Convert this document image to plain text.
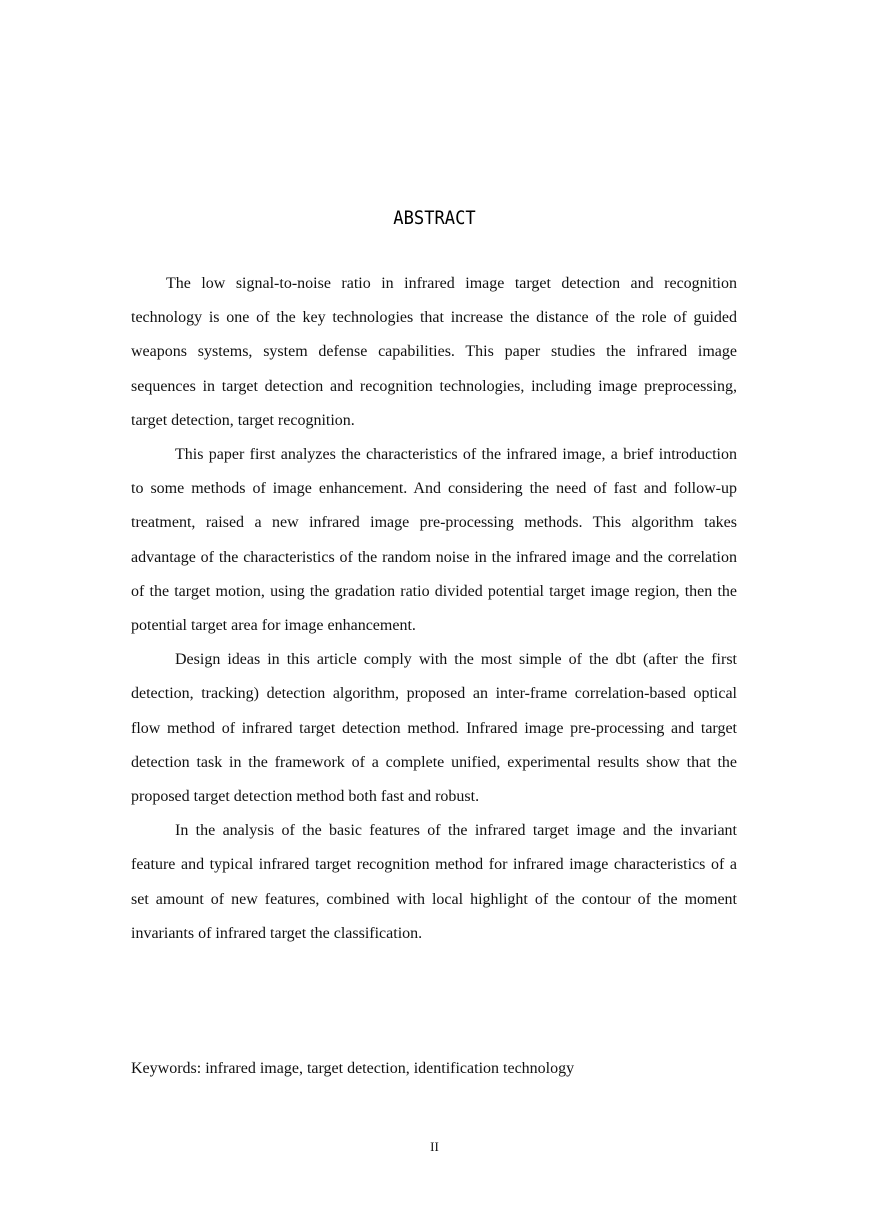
ABSTRACT

The low signal-to-noise ratio in infrared image target detection and recognition technology is one of the key technologies that increase the distance of the role of guided weapons systems, system defense capabilities. This paper studies the infrared image sequences in target detection and recognition technologies, including image preprocessing, target detection, target recognition.

This paper first analyzes the characteristics of the infrared image, a brief introduction to some methods of image enhancement. And considering the need of fast and follow-up treatment, raised a new infrared image pre-processing methods. This algorithm takes advantage of the characteristics of the random noise in the infrared image and the correlation of the target motion, using the gradation ratio divided potential target image region, then the potential target area for image enhancement.

Design ideas in this article comply with the most simple of the dbt (after the first detection, tracking) detection algorithm, proposed an inter-frame correlation-based optical flow method of infrared target detection method. Infrared image pre-processing and target detection task in the framework of a complete unified, experimental results show that the proposed target detection method both fast and robust.

In the analysis of the basic features of the infrared target image and the invariant feature and typical infrared target recognition method for infrared image characteristics of a set amount of new features, combined with local highlight of the contour of the moment invariants of infrared target the classification.

Keywords: infrared image, target detection, identification technology
II
